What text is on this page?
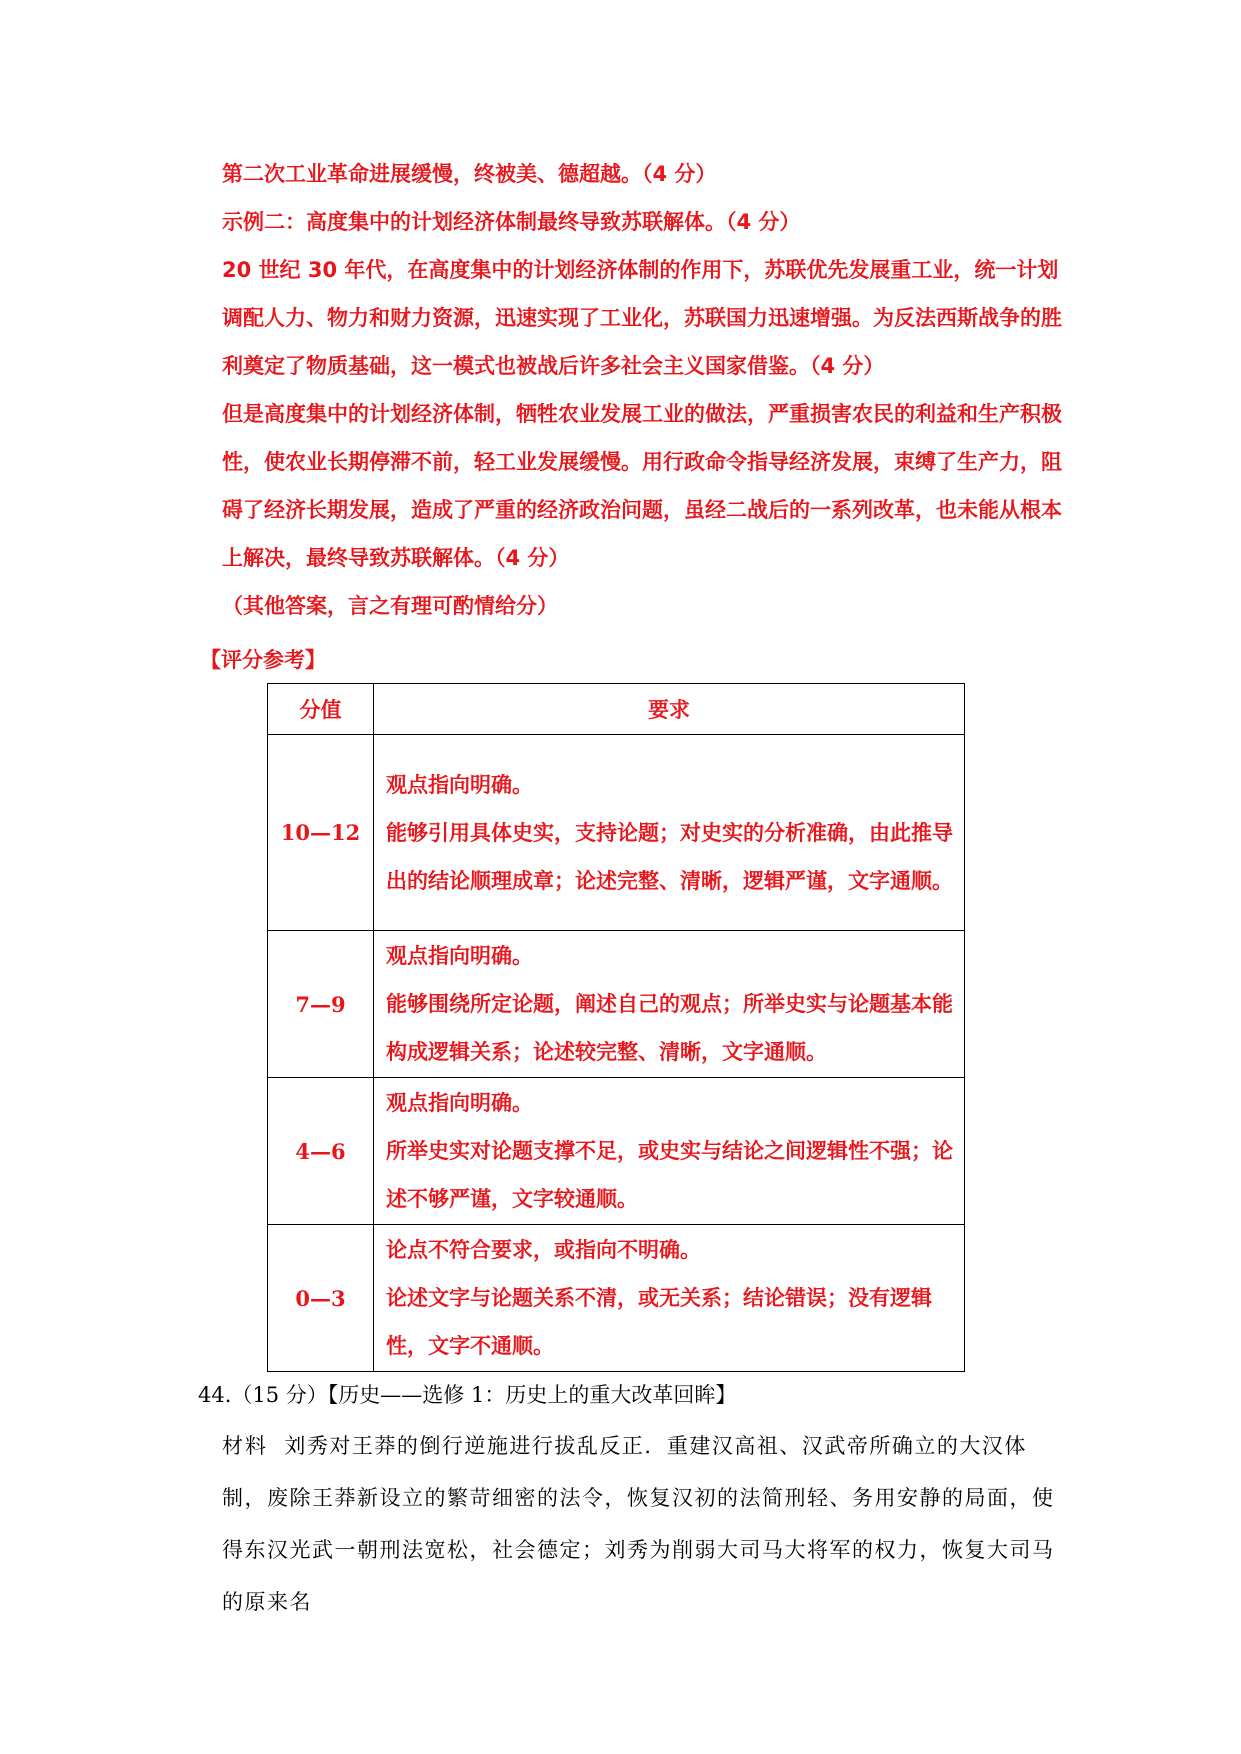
第二次工业革命进展缓慢，终被美、德超越。（4 分）

示例二：高度集中的计划经济体制最终导致苏联解体。（4 分）

20 世纪 30 年代，在高度集中的计划经济体制的作用下，苏联优先发展重工业，统一计划调配人力、物力和财力资源，迅速实现了工业化，苏联国力迅速增强。为反法西斯战争的胜利奠定了物质基础，这一模式也被战后许多社会主义国家借鉴。（4 分）

但是高度集中的计划经济体制，牺牲农业发展工业的做法，严重损害农民的利益和生产积极性，使农业长期停滞不前，轻工业发展缓慢。用行政命令指导经济发展，束缚了生产力，阻碍了经济长期发展，造成了严重的经济政治问题，虽经二战后的一系列改革，也未能从根本上解决，最终导致苏联解体。（4 分）

（其他答案，言之有理可酌情给分）

【评分参考】

分值	要求
10—12	观点指向明确。

能够引用具体史实，支持论题；对史实的分析准确，由此推导出的结论顺理成章；论述完整、清晰，逻辑严谨，文字通顺。

7—9	观点指向明确。

能够围绕所定论题，阐述自己的观点；所举史实与论题基本能构成逻辑关系；论述较完整、清晰，文字通顺。

4—6	观点指向明确。

所举史实对论题支撑不足，或史实与结论之间逻辑性不强；论述不够严谨，文字较通顺。

0—3	论点不符合要求，或指向不明确。

论述文字与论题关系不清，或无关系；结论错误；没有逻辑性，文字不通顺。

44.（15 分）【历史——选修 1：历史上的重大改革回眸】

材料 刘秀对王莽的倒行逆施进行拔乱反正．重建汉高祖、汉武帝所确立的大汉体制，废除王莽新设立的繁苛细密的法令，恢复汉初的法简刑轻、务用安静的局面，使得东汉光武一朝刑法宽松，社会德定；刘秀为削弱大司马大将军的权力，恢复大司马的原来名
